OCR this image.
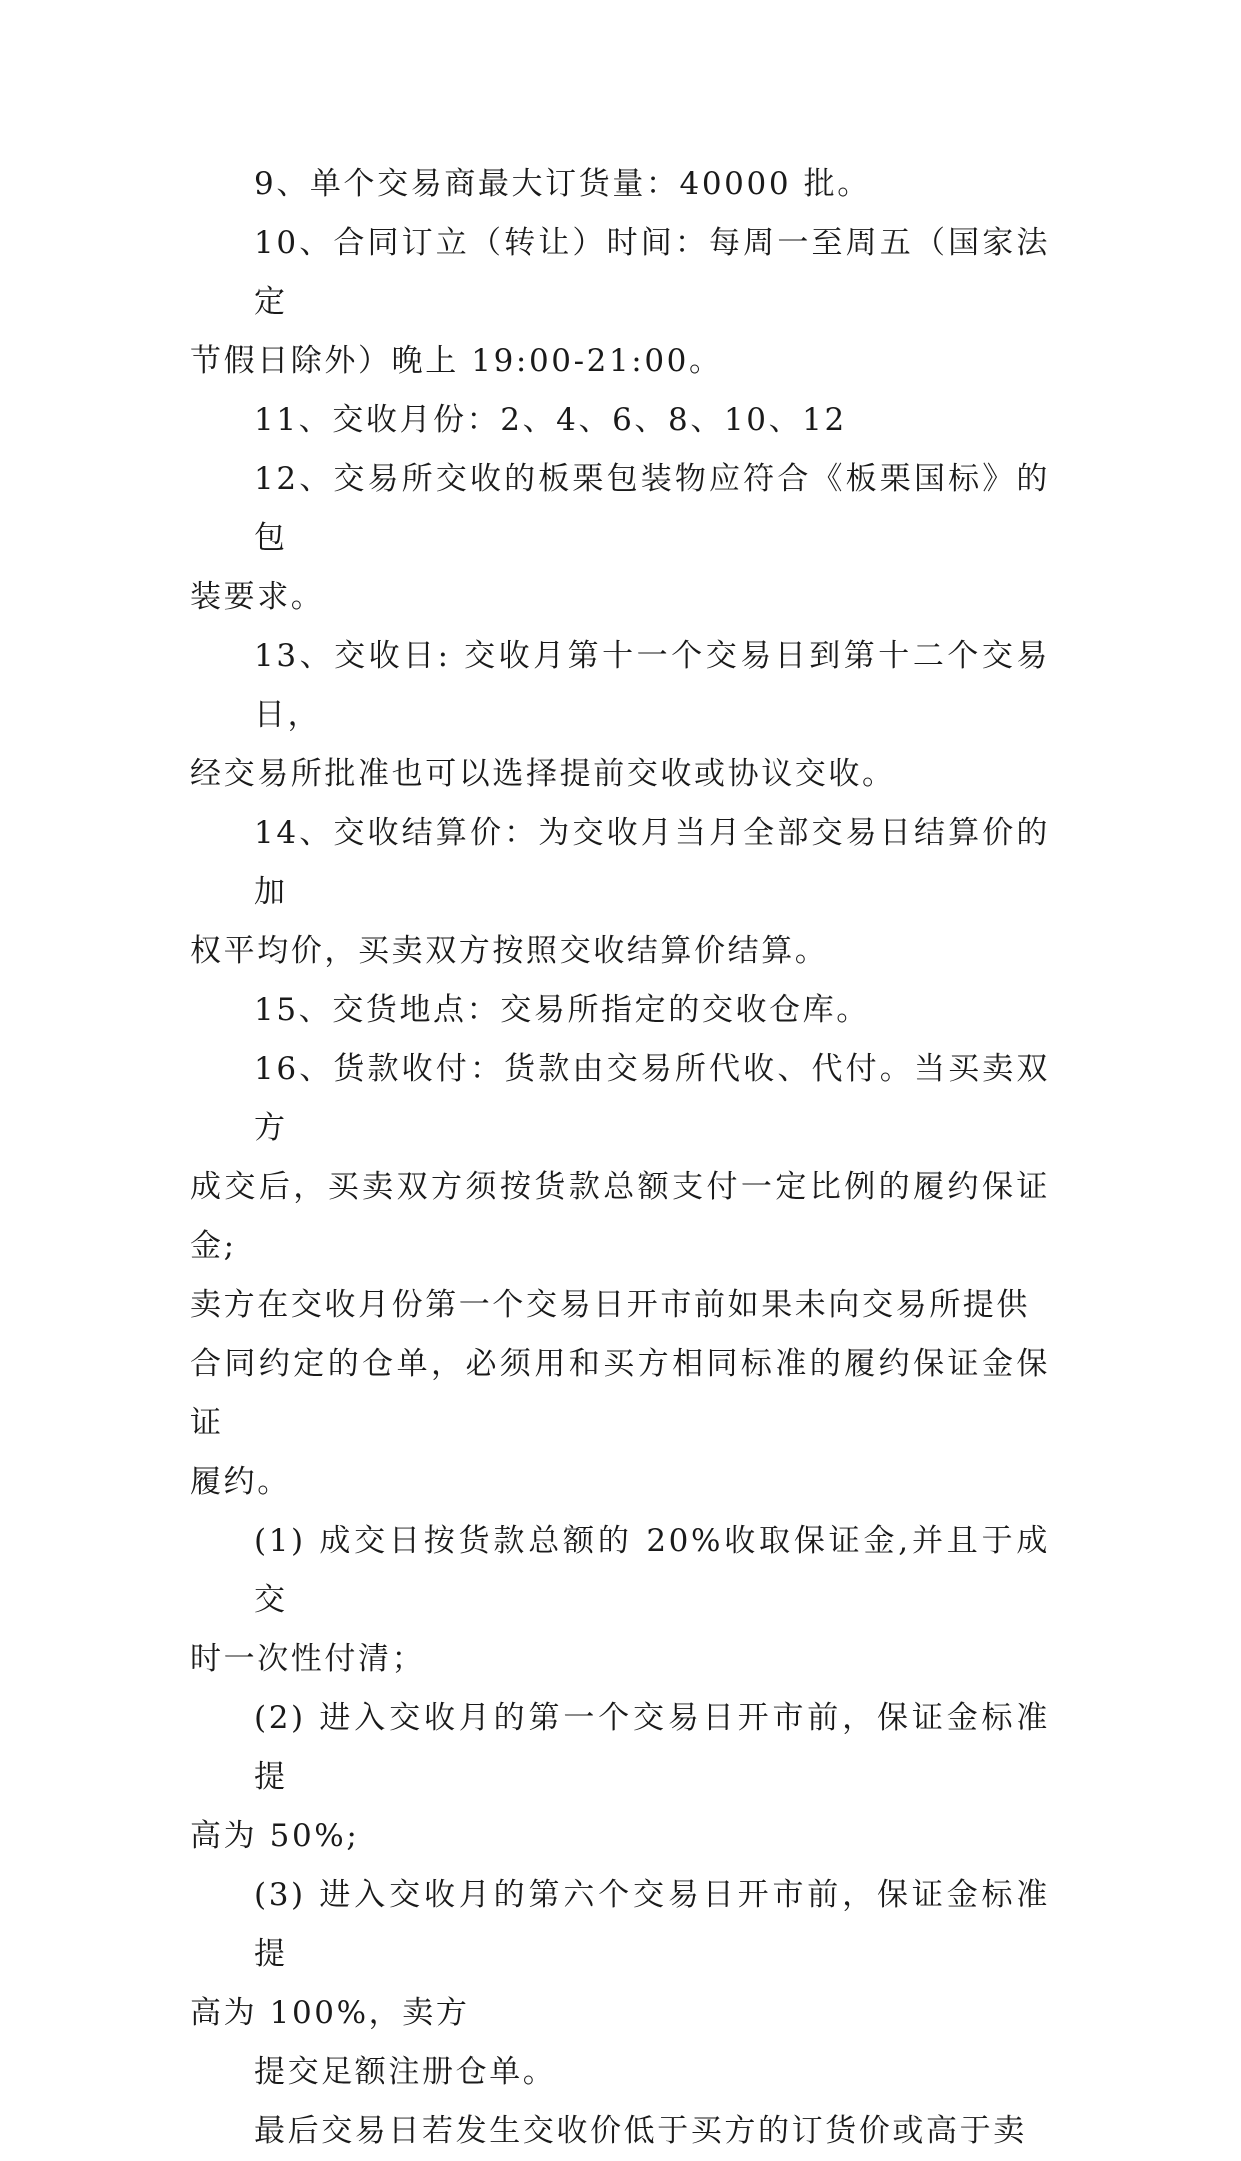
9、单个交易商最大订货量：40000 批。

10、合同订立（转让）时间：每周一至周五（国家法定
节假日除外）晚上 19:00-21:00。

11、交收月份：2、4、6、8、10、12

12、交易所交收的板栗包装物应符合《板栗国标》的包
装要求。

13、交收日: 交收月第十一个交易日到第十二个交易日，
经交易所批准也可以选择提前交收或协议交收。

14、交收结算价：为交收月当月全部交易日结算价的加
权平均价，买卖双方按照交收结算价结算。

15、交货地点：交易所指定的交收仓库。

16、货款收付：货款由交易所代收、代付。当买卖双方
成交后，买卖双方须按货款总额支付一定比例的履约保证金;
卖方在交收月份第一个交易日开市前如果未向交易所提供
合同约定的仓单，必须用和买方相同标准的履约保证金保证
履约。

(1) 成交日按货款总额的 20%收取保证金,并且于成交
时一次性付清；

(2) 进入交收月的第一个交易日开市前，保证金标准提
高为 50%;

(3) 进入交收月的第六个交易日开市前，保证金标准提
高为 100%，卖方

提交足额注册仓单。

最后交易日若发生交收价低于买方的订货价或高于卖
